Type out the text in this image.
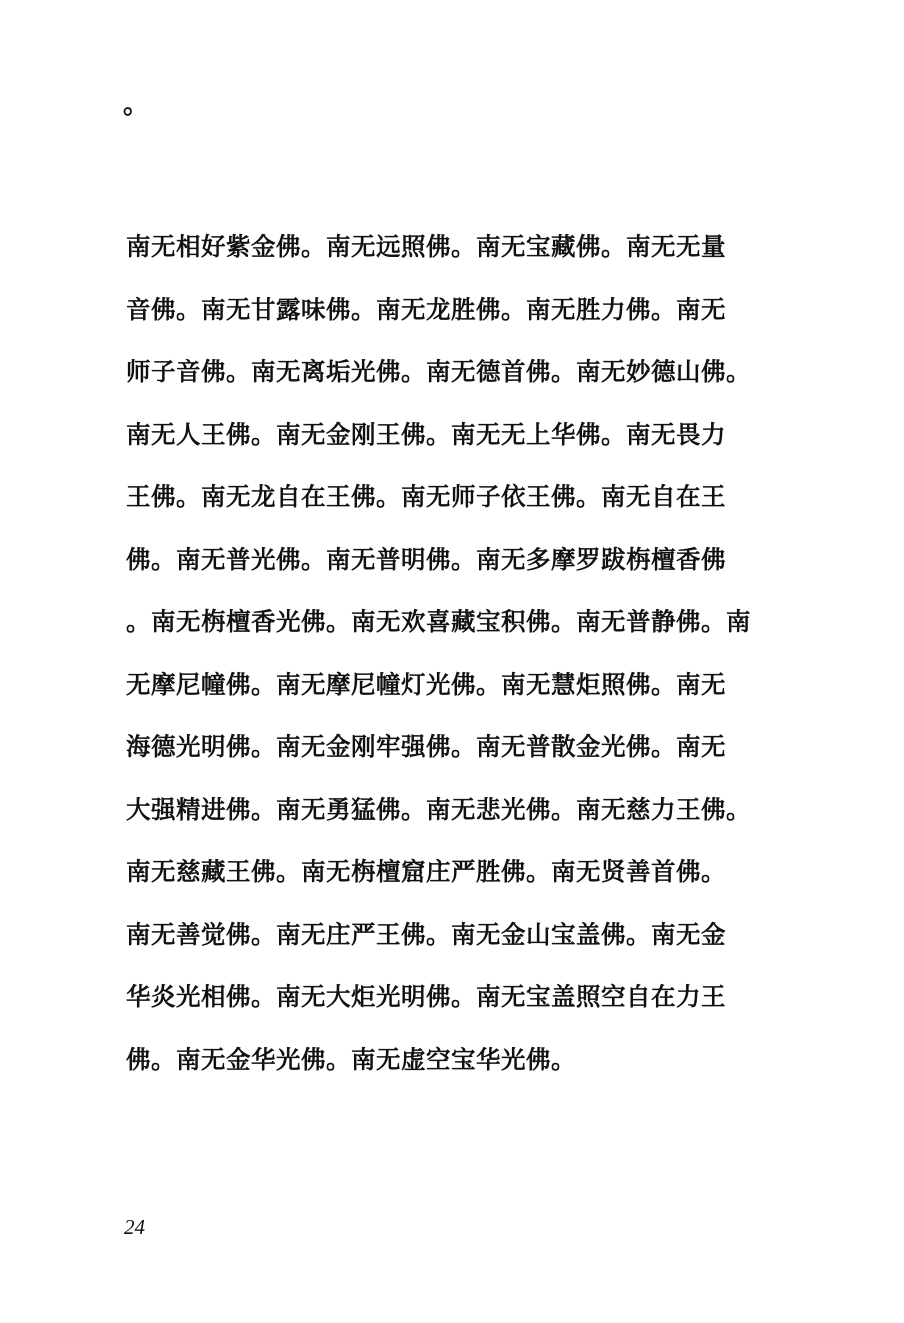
。
南无相好紫金佛。南无远照佛。南无宝藏佛。南无无量
音佛。南无甘露味佛。南无龙胜佛。南无胜力佛。南无
师子音佛。南无离垢光佛。南无德首佛。南无妙德山佛。
南无人王佛。南无金刚王佛。南无无上华佛。南无畏力
王佛。南无龙自在王佛。南无师子依王佛。南无自在王
佛。南无普光佛。南无普明佛。南无多摩罗跋栴檀香佛
。南无栴檀香光佛。南无欢喜藏宝积佛。南无普静佛。南
无摩尼幢佛。南无摩尼幢灯光佛。南无慧炬照佛。南无
海德光明佛。南无金刚牢强佛。南无普散金光佛。南无
大强精进佛。南无勇猛佛。南无悲光佛。南无慈力王佛。
南无慈藏王佛。南无栴檀窟庄严胜佛。南无贤善首佛。
南无善觉佛。南无庄严王佛。南无金山宝盖佛。南无金
华炎光相佛。南无大炬光明佛。南无宝盖照空自在力王
佛。南无金华光佛。南无虚空宝华光佛。
24
